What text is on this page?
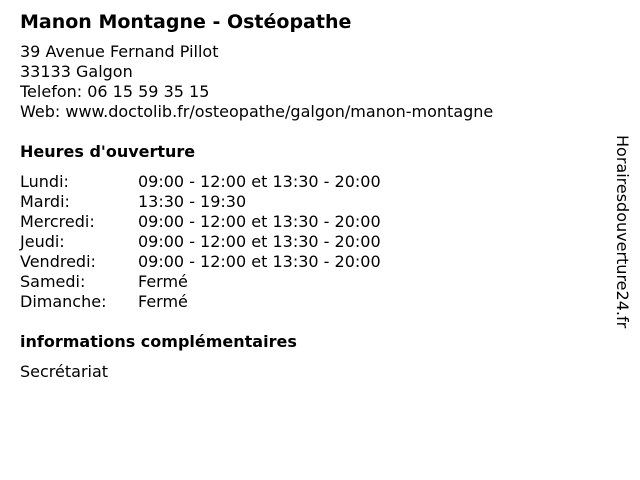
Manon Montagne - Ostéopathe
39 Avenue Fernand Pillot
33133 Galgon
Telefon: 06 15 59 35 15
Web: www.doctolib.fr/osteopathe/galgon/manon-montagne
Heures d'ouverture
Lundi:	09:00 - 12:00 et 13:30 - 20:00
Mardi:	13:30 - 19:30
Mercredi:	09:00 - 12:00 et 13:30 - 20:00
Jeudi:	09:00 - 12:00 et 13:30 - 20:00
Vendredi:	09:00 - 12:00 et 13:30 - 20:00
Samedi:	Fermé
Dimanche:	Fermé
informations complémentaires
Secrétariat
Horairesdouverture24.fr
